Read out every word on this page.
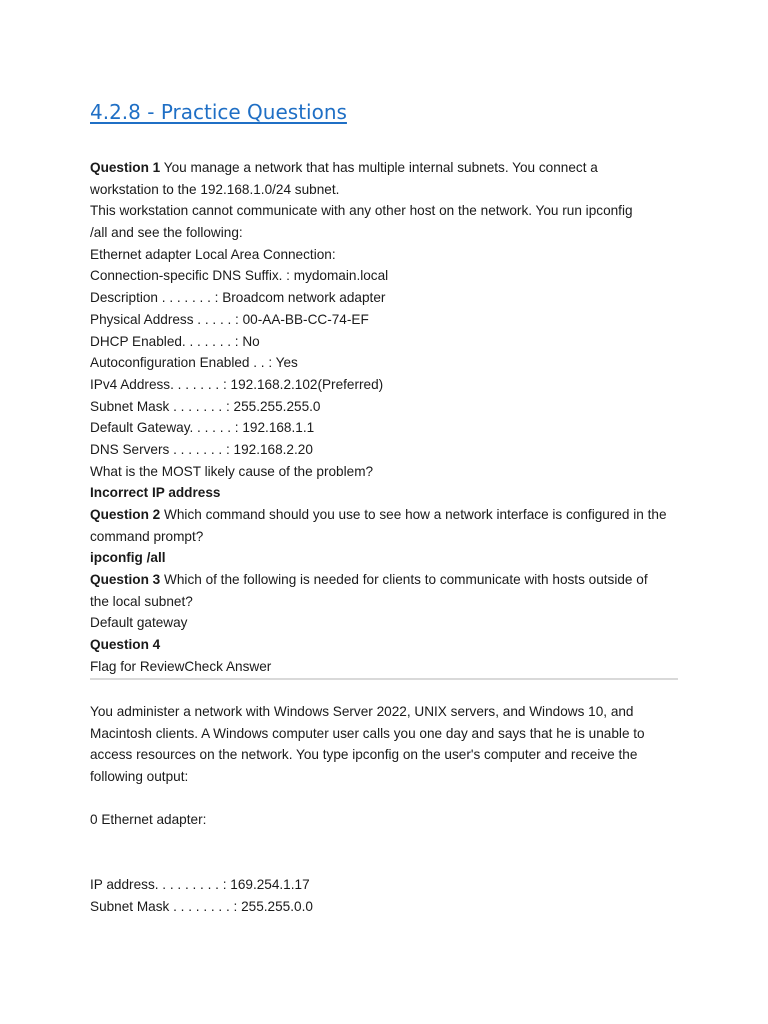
4.2.8 - Practice Questions
Question 1 You manage a network that has multiple internal subnets. You connect a
workstation to the 192.168.1.0/24 subnet.
This workstation cannot communicate with any other host on the network. You run ipconfig
/all and see the following:
Ethernet adapter Local Area Connection:
Connection-specific DNS Suffix. : mydomain.local
Description . . . . . . . : Broadcom network adapter
Physical Address . . . . . : 00-AA-BB-CC-74-EF
DHCP Enabled. . . . . . . : No
Autoconfiguration Enabled . . : Yes
IPv4 Address. . . . . . . : 192.168.2.102(Preferred)
Subnet Mask . . . . . . . : 255.255.255.0
Default Gateway. . . . . . : 192.168.1.1
DNS Servers . . . . . . . : 192.168.2.20
What is the MOST likely cause of the problem?
Incorrect IP address
Question 2 Which command should you use to see how a network interface is configured in the
command prompt?
ipconfig /all
Question 3 Which of the following is needed for clients to communicate with hosts outside of
the local subnet?
Default gateway
Question 4
Flag for ReviewCheck Answer
You administer a network with Windows Server 2022, UNIX servers, and Windows 10, and
Macintosh clients. A Windows computer user calls you one day and says that he is unable to
access resources on the network. You type ipconfig on the user's computer and receive the
following output:
0 Ethernet adapter:
IP address. . . . . . . . . : 169.254.1.17
Subnet Mask . . . . . . . . : 255.255.0.0
